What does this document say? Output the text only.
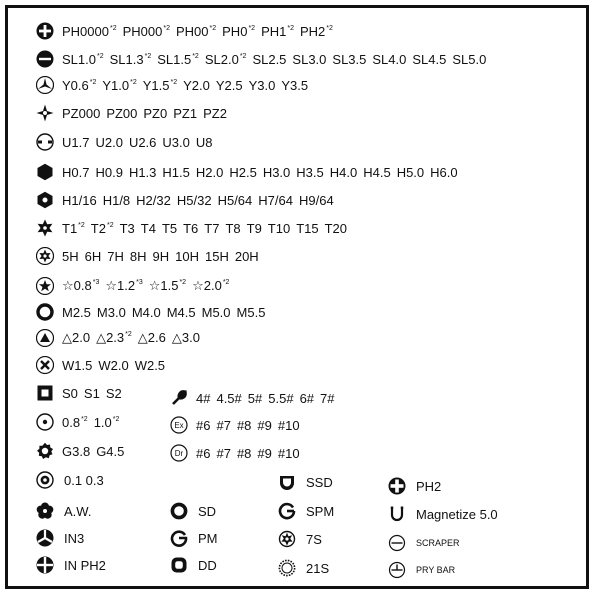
PH0000$^{*2}$ PH000$^{*2}$ PH00$^{*2}$ PH0$^{*2}$ PH1$^{*2}$ PH2$^{*2}$
SL1.0$^{*2}$ SL1.3$^{*2}$ SL1.5$^{*2}$ SL2.0$^{*2}$ SL2.5 SL3.0 SL3.5 SL4.0 SL4.5 SL5.0
Y0.6$^{*2}$ Y1.0$^{*2}$ Y1.5$^{*2}$ Y2.0 Y2.5 Y3.0 Y3.5
PZ000 PZ00 PZ0 PZ1 PZ2
U1.7 U2.0 U2.6 U3.0 U8
H0.7 H0.9 H1.3 H1.5 H2.0 H2.5 H3.0 H3.5 H4.0 H4.5 H5.0 H6.0
H1/16 H1/8 H2/32 H5/32 H5/64 H7/64 H9/64
T1$^{*2}$ T2$^{*2}$ T3 T4 T5 T6 T7 T8 T9 T10 T15 T20
5H 6H 7H 8H 9H 10H 15H 20H
☆0.8$^{*3}$ ☆1.2$^{*3}$ ☆1.5$^{*2}$ ☆2.0$^{*2}$
M2.5 M3.0 M4.0 M4.5 M5.0 M5.5
△2.0 △2.3$^{*2}$ △2.6 △3.0
W1.5 W2.0 W2.5
S0 S1 S2	4# 4.5# 5# 5.5# 6# 7#
0.8$^{*2}$ 1.0$^{*2}$
Ex #6 #7 #8 #9 #10
G3.8 G4.5	Dr #6 #7 #8 #9 #10
0.1 0.3
A.W.
IN3
IN PH2
SD
PM
DD
SSD
SPM
7S
21S
PH2
Magnetize 5.0
SCRAPER
PRY BAR
